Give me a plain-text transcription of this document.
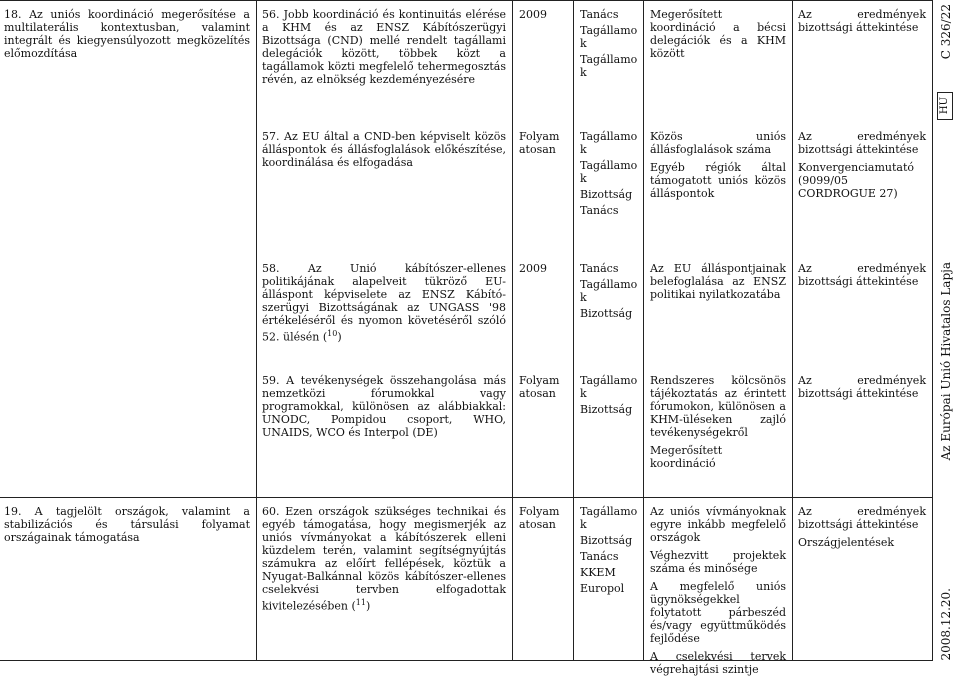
18. Az uniós koordináció megerősítése a multilaterális kontextusban, valamint integrált és kiegyensúlyozott megközelítés előmozdítása
56. Jobb koordináció és kontinuitás elérése a KHM és az ENSZ Kábítószerügyi Bizottsága (CND) mellé rendelt tagállami delegációk között, többek közt a tagállamok közti megfelelő tehermegosztás révén, az elnökség kezdeményezésére
2009	Tanács
Tagállamok
Tagállamok
Megerősített koordináció a bécsi delegációk és a KHM között
Az eredmények bizottsági áttekintése
57. Az EU által a CND-ben képviselt közös álláspontok és állásfoglalások előkészítése, koordinálása és elfogadása
Folyamatosan
Tagállamok
Tagállamok
Bizottság
Tanács
Közös uniós állásfoglalások száma
Egyéb régiók által támogatott uniós közös álláspontok
Az eredmények bizottsági áttekintése
Konvergenciamutató (9099/05 CORDROGUE 27)
58. Az Unió kábítószer-ellenes politikájának alapelveit tükröző EU-álláspont képviselete az ENSZ Kábítószerügyi Bizottságának az UNGASS '98 értékeléséről és nyomon követéséről szóló 52. ülésén ($^{10}$)
2009	Tanács
Tagállamok
Bizottság
Az EU álláspontjainak belefoglalása az ENSZ politikai nyilatkozatába
Az eredmények bizottsági áttekintése
59. A tevékenységek összehangolása más nemzetközi fórumokkal vagy programokkal, különösen az alábbiakkal: UNODC, Pompidou csoport, WHO, UNAIDS, WCO és Interpol (DE)
Folyamatosan
Tagállamok
Bizottság
Rendszeres kölcsönös tájékoztatás az érintett fórumokon, különösen a KHM-üléseken zajló tevékenységekről
Megerősített koordináció
Az eredmények bizottsági áttekintése
19. A tagjelölt országok, valamint a stabilizációs és társulási folyamat országainak támogatása
60. Ezen országok szükséges technikai és egyéb támogatása, hogy megismerjék az uniós vívmányokat a kábítószerek elleni küzdelem terén, valamint segítségnyújtás számukra az előírt fellépések, köztük a Nyugat-Balkánnal közös kábítószer-ellenes cselekvési tervben elfogadottak kivitelezésében ($^{11}$)
Folyamatosan
Tagállamok
Bizottság
Tanács
KKEM
Europol
Az uniós vívmányoknak egyre inkább megfelelő országok
Véghezvitt projektek száma és minősége
A megfelelő uniós ügynökségekkel folytatott párbeszéd és/vagy együttműködés fejlődése
A cselekvési tervek végrehajtási szintje
Az eredmények bizottsági áttekintése
Országjelentések
C 326/22
HU
Az Európai Unió Hivatalos Lapja
2008.12.20.
